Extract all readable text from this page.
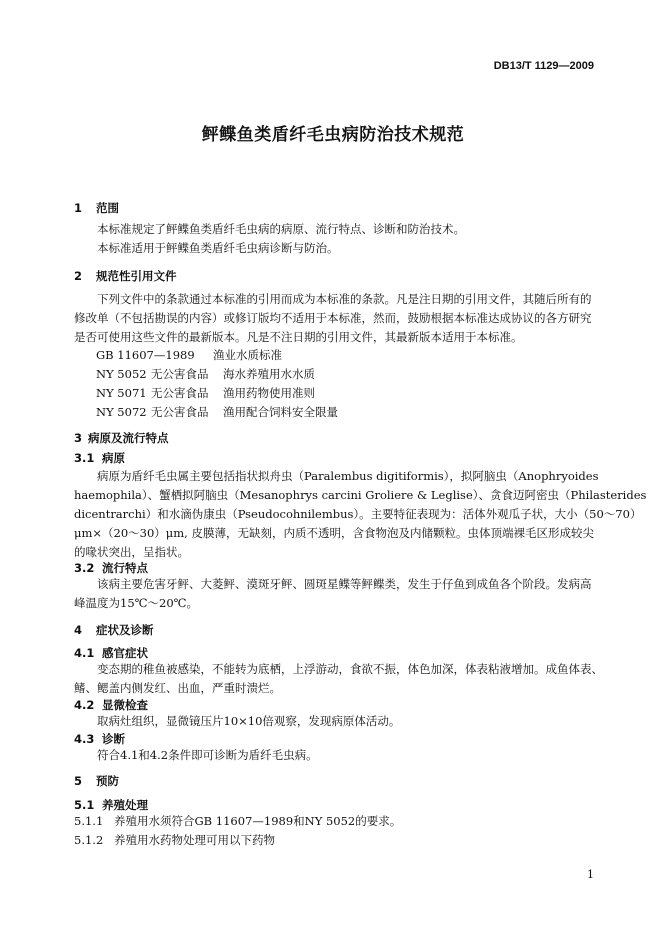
DB13/T 1129—2009
鲆鲽鱼类盾纤毛虫病防治技术规范
1 范围
本标准规定了鲆鲽鱼类盾纤毛虫病的病原、流行特点、诊断和防治技术。
本标准适用于鲆鲽鱼类盾纤毛虫病诊断与防治。
2 规范性引用文件
下列文件中的条款通过本标准的引用而成为本标准的条款。凡是注日期的引用文件，其随后所有的
修改单（不包括勘误的内容）或修订版均不适用于本标准，然而，鼓励根据本标准达成协议的各方研究
是否可使用这些文件的最新版本。凡是不注日期的引用文件，其最新版本适用于本标准。
GB 11607—1989 渔业水质标准
NY 5052 无公害食品 海水养殖用水水质
NY 5071 无公害食品 渔用药物使用准则
NY 5072 无公害食品 渔用配合饲料安全限量
3 病原及流行特点
3.1 病原
病原为盾纤毛虫属主要包括指状拟舟虫（Paralembus digitiformis），拟阿脑虫（Anophryoides
haemophila）、蟹栖拟阿脑虫（Mesanophrys carcini Groliere & Leglise）、贪食迈阿密虫（Philasterides
dicentrarchi）和水滴伪康虫（Pseudocohnilembus）。主要特征表现为：活体外观瓜子状，大小（50～70）
μm×（20～30）μm, 皮膜薄，无缺刻，内质不透明，含食物泡及内储颗粒。虫体顶端裸毛区形成较尖
的喙状突出，呈指状。
3.2 流行特点
该病主要危害牙鲆、大菱鲆、漠斑牙鲆、圆斑星鲽等鲆鲽类，发生于仔鱼到成鱼各个阶段。发病高
峰温度为15℃～20℃。
4 症状及诊断
4.1 感官症状
变态期的稚鱼被感染，不能转为底栖，上浮游动，食欲不振，体色加深，体表粘液增加。成鱼体表、
鳍、鳃盖内侧发红、出血，严重时溃烂。
4.2 显微检查
取病灶组织，显微镜压片10×10倍观察，发现病原体活动。
4.3 诊断
符合4.1和4.2条件即可诊断为盾纤毛虫病。
5 预防
5.1 养殖处理
5.1.1 养殖用水须符合GB 11607—1989和NY 5052的要求。
5.1.2 养殖用水药物处理可用以下药物
1
